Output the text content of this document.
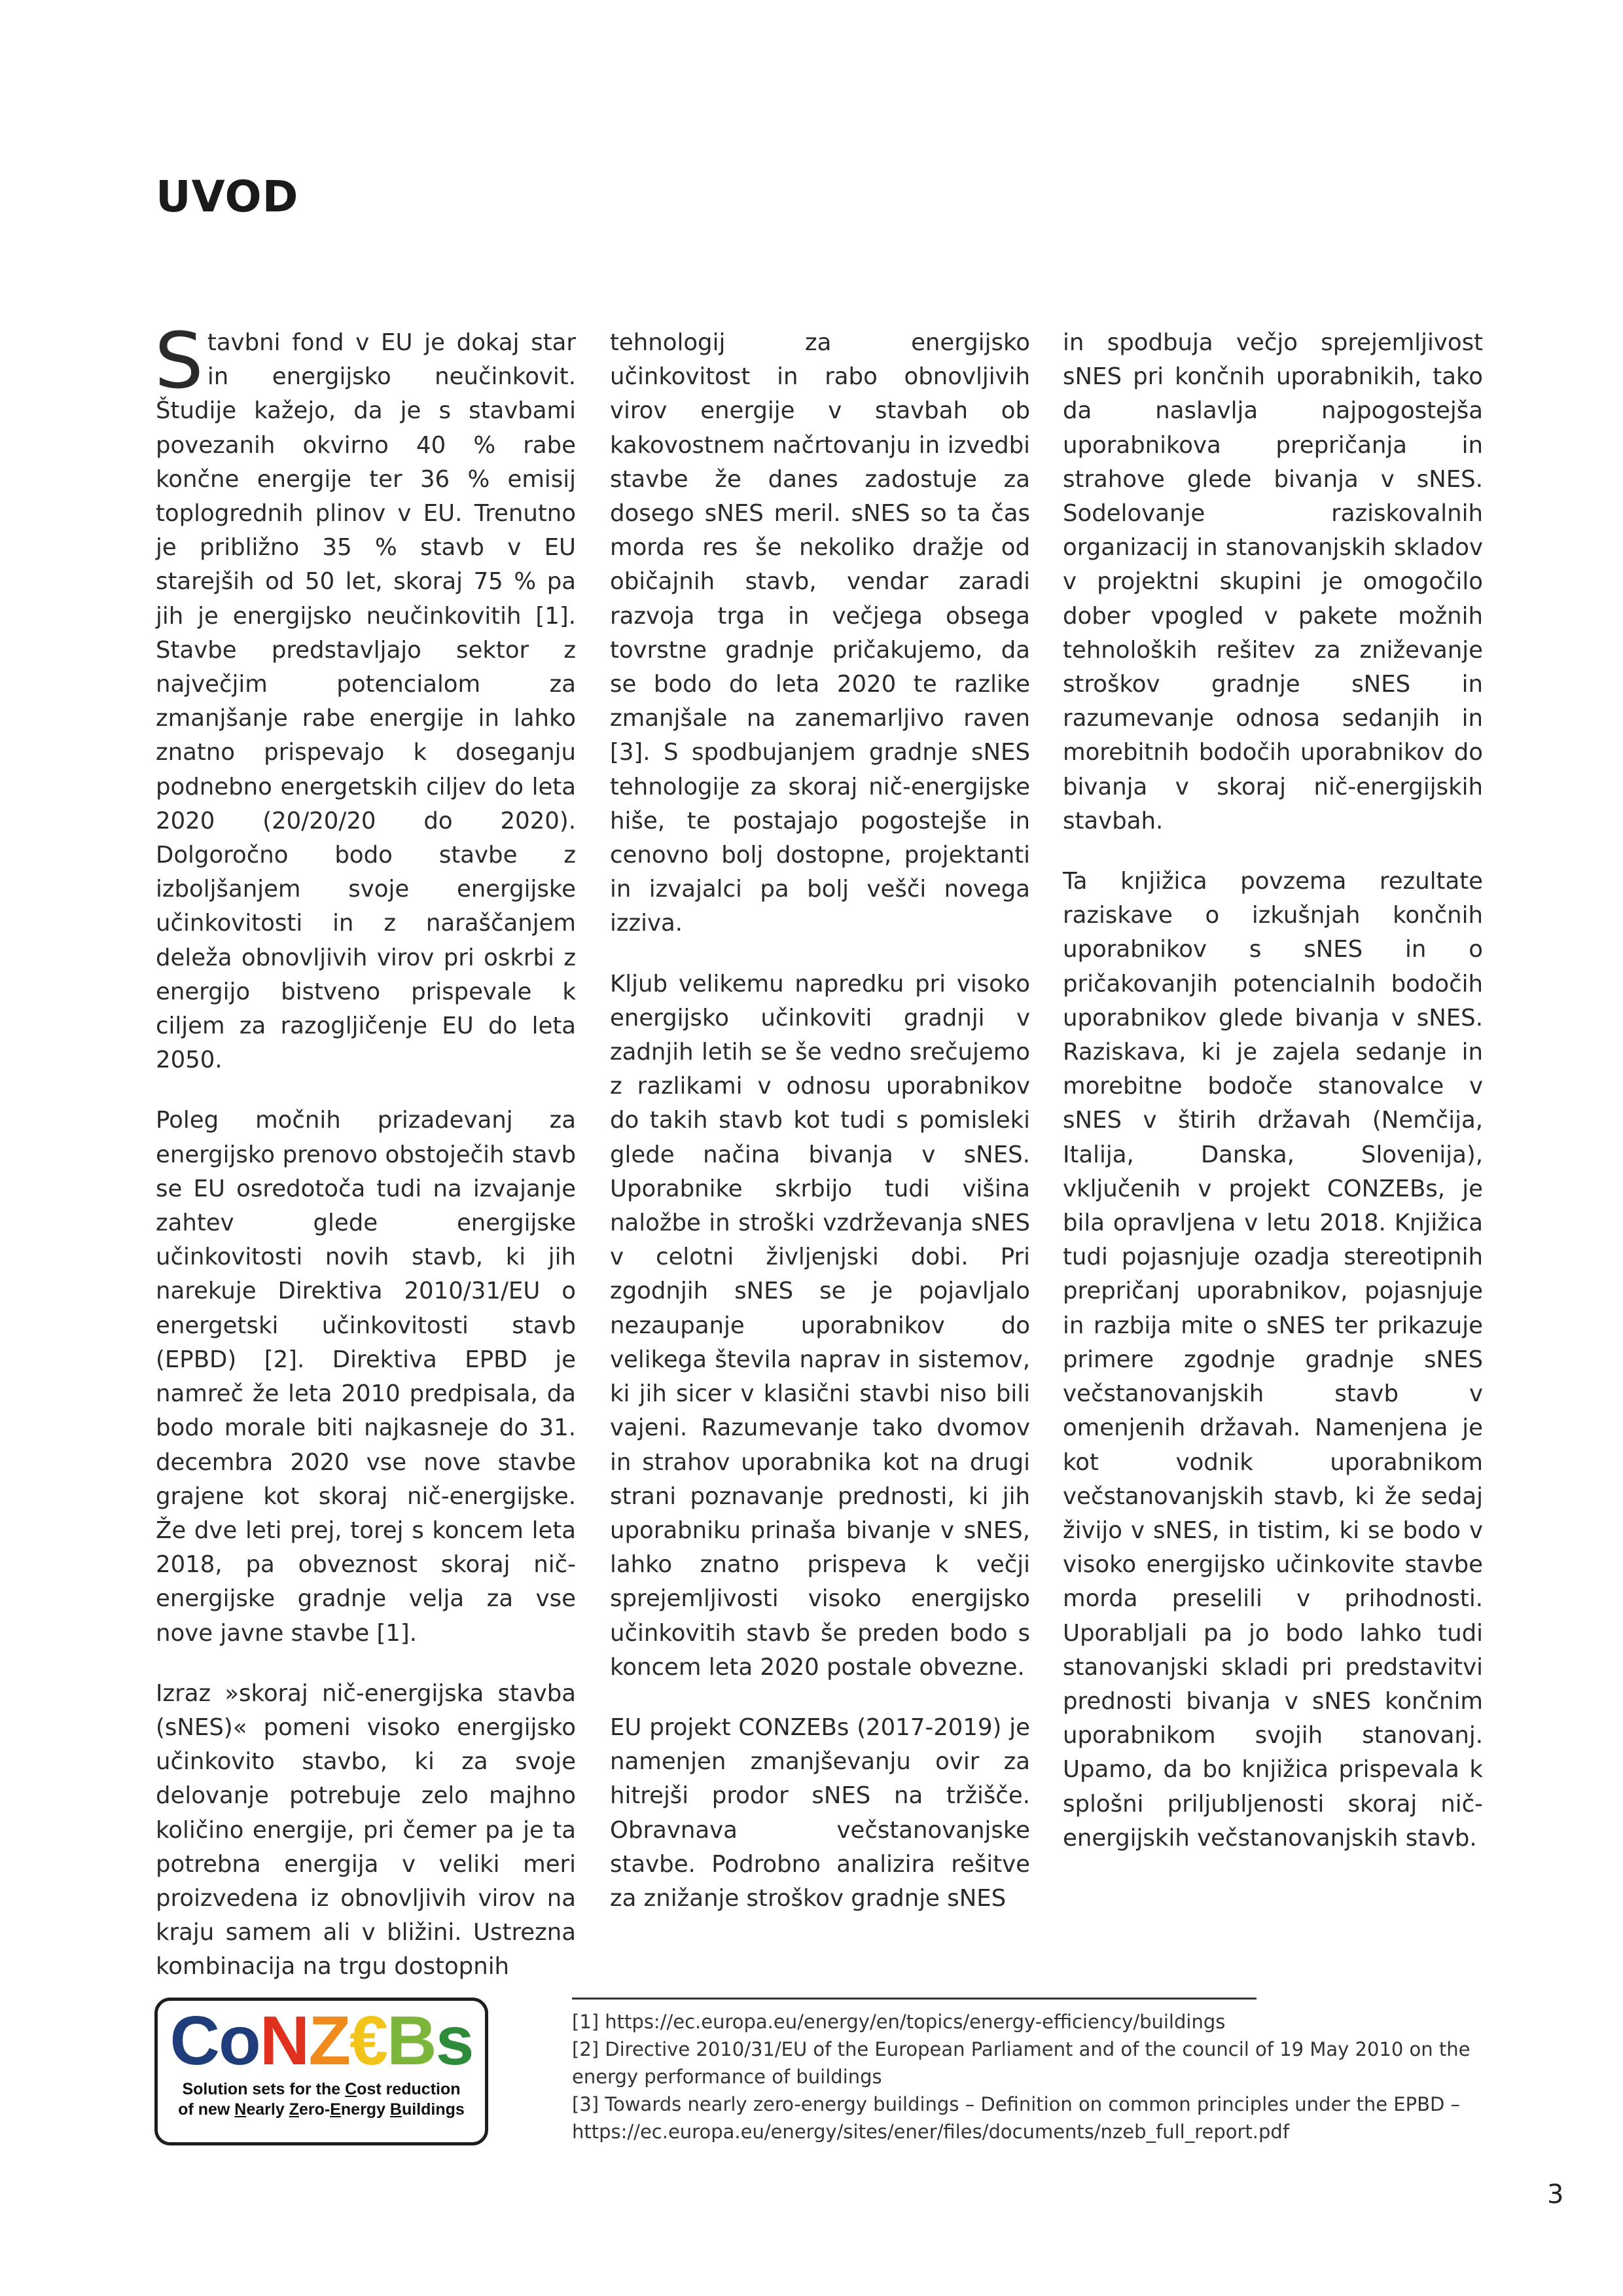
UVOD

Stavbni fond v EU je dokaj star in energijsko neučinkovit. Študije kažejo, da je s stavbami povezanih okvirno 40 % rabe končne energije ter 36 % emisij toplogrednih plinov v EU. Trenutno je približno 35 % stavb v EU starejših od 50 let, skoraj 75 % pa jih je energijsko neučinkovitih [1]. Stavbe predstavljajo sektor z največjim potencialom za zmanjšanje rabe energije in lahko znatno prispevajo k doseganju podnebno energetskih ciljev do leta 2020 (20/20/20 do 2020). Dolgoročno bodo stavbe z izboljšanjem svoje energijske učinkovitosti in z naraščanjem deleža obnovljivih virov pri oskrbi z energijo bistveno prispevale k ciljem za razogljičenje EU do leta 2050.

Poleg močnih prizadevanj za energijsko prenovo obstoječih stavb se EU osredotoča tudi na izvajanje zahtev glede energijske učinkovitosti novih stavb, ki jih narekuje Direktiva 2010/31/EU o energetski učinkovitosti stavb (EPBD) [2]. Direktiva EPBD je namreč že leta 2010 predpisala, da bodo morale biti najkasneje do 31. decembra 2020 vse nove stavbe grajene kot skoraj nič-energijske. Že dve leti prej, torej s koncem leta 2018, pa obveznost skoraj nič-energijske gradnje velja za vse nove javne stavbe [1].

Izraz »skoraj nič-energijska stavba (sNES)« pomeni visoko energijsko učinkovito stavbo, ki za svoje delovanje potrebuje zelo majhno količino energije, pri čemer pa je ta potrebna energija v veliki meri proizvedena iz obnovljivih virov na kraju samem ali v bližini. Ustrezna kombinacija na trgu dostopnih

tehnologij za energijsko učinkovitost in rabo obnovljivih virov energije v stavbah ob kakovostnem načrtovanju in izvedbi stavbe že danes zadostuje za dosego sNES meril. sNES so ta čas morda res še nekoliko dražje od običajnih stavb, vendar zaradi razvoja trga in večjega obsega tovrstne gradnje pričakujemo, da se bodo do leta 2020 te razlike zmanjšale na zanemarljivo raven [3]. S spodbujanjem gradnje sNES tehnologije za skoraj nič-energijske hiše, te postajajo pogostejše in cenovno bolj dostopne, projektanti in izvajalci pa bolj vešči novega izziva.

Kljub velikemu napredku pri visoko energijsko učinkoviti gradnji v zadnjih letih se še vedno srečujemo z razlikami v odnosu uporabnikov do takih stavb kot tudi s pomisleki glede načina bivanja v sNES. Uporabnike skrbijo tudi višina naložbe in stroški vzdrževanja sNES v celotni življenjski dobi. Pri zgodnjih sNES se je pojavljalo nezaupanje uporabnikov do velikega števila naprav in sistemov, ki jih sicer v klasični stavbi niso bili vajeni. Razumevanje tako dvomov in strahov uporabnika kot na drugi strani poznavanje prednosti, ki jih uporabniku prinaša bivanje v sNES, lahko znatno prispeva k večji sprejemljivosti visoko energijsko učinkovitih stavb še preden bodo s koncem leta 2020 postale obvezne.

EU projekt CONZEBs (2017-2019) je namenjen zmanjševanju ovir za hitrejši prodor sNES na tržišče. Obravnava večstanovanjske stavbe. Podrobno analizira rešitve za znižanje stroškov gradnje sNES

in spodbuja večjo sprejemljivost sNES pri končnih uporabnikih, tako da naslavlja najpogostejša uporabnikova prepričanja in strahove glede bivanja v sNES. Sodelovanje raziskovalnih organizacij in stanovanjskih skladov v projektni skupini je omogočilo dober vpogled v pakete možnih tehnoloških rešitev za zniževanje stroškov gradnje sNES in razumevanje odnosa sedanjih in morebitnih bodočih uporabnikov do bivanja v skoraj nič-energijskih stavbah.

Ta knjižica povzema rezultate raziskave o izkušnjah končnih uporabnikov s sNES in o pričakovanjih potencialnih bodočih uporabnikov glede bivanja v sNES. Raziskava, ki je zajela sedanje in morebitne bodoče stanovalce v sNES v štirih državah (Nemčija, Italija, Danska, Slovenija), vključenih v projekt CONZEBs, je bila opravljena v letu 2018. Knjižica tudi pojasnjuje ozadja stereotipnih prepričanj uporabnikov, pojasnjuje in razbija mite o sNES ter prikazuje primere zgodnje gradnje sNES večstanovanjskih stavb v omenjenih državah. Namenjena je kot vodnik uporabnikom večstanovanjskih stavb, ki že sedaj živijo v sNES, in tistim, ki se bodo v visoko energijsko učinkovite stavbe morda preselili v prihodnosti. Uporabljali pa jo bodo lahko tudi stanovanjski skladi pri predstavitvi prednosti bivanja v sNES končnim uporabnikom svojih stanovanj. Upamo, da bo knjižica prispevala k splošni priljubljenosti skoraj nič-energijskih večstanovanjskih stavb.

CoNZ€Bs
Solution sets for the Cost reduction
of new Nearly Zero-Energy Buildings
[1] https://ec.europa.eu/energy/en/topics/energy-efficiency/buildings
[2] Directive 2010/31/EU of the European Parliament and of the council of 19 May 2010 on the
energy performance of buildings
[3] Towards nearly zero-energy buildings – Definition on common principles under the EPBD –
https://ec.europa.eu/energy/sites/ener/files/documents/nzeb_full_report.pdf
3
